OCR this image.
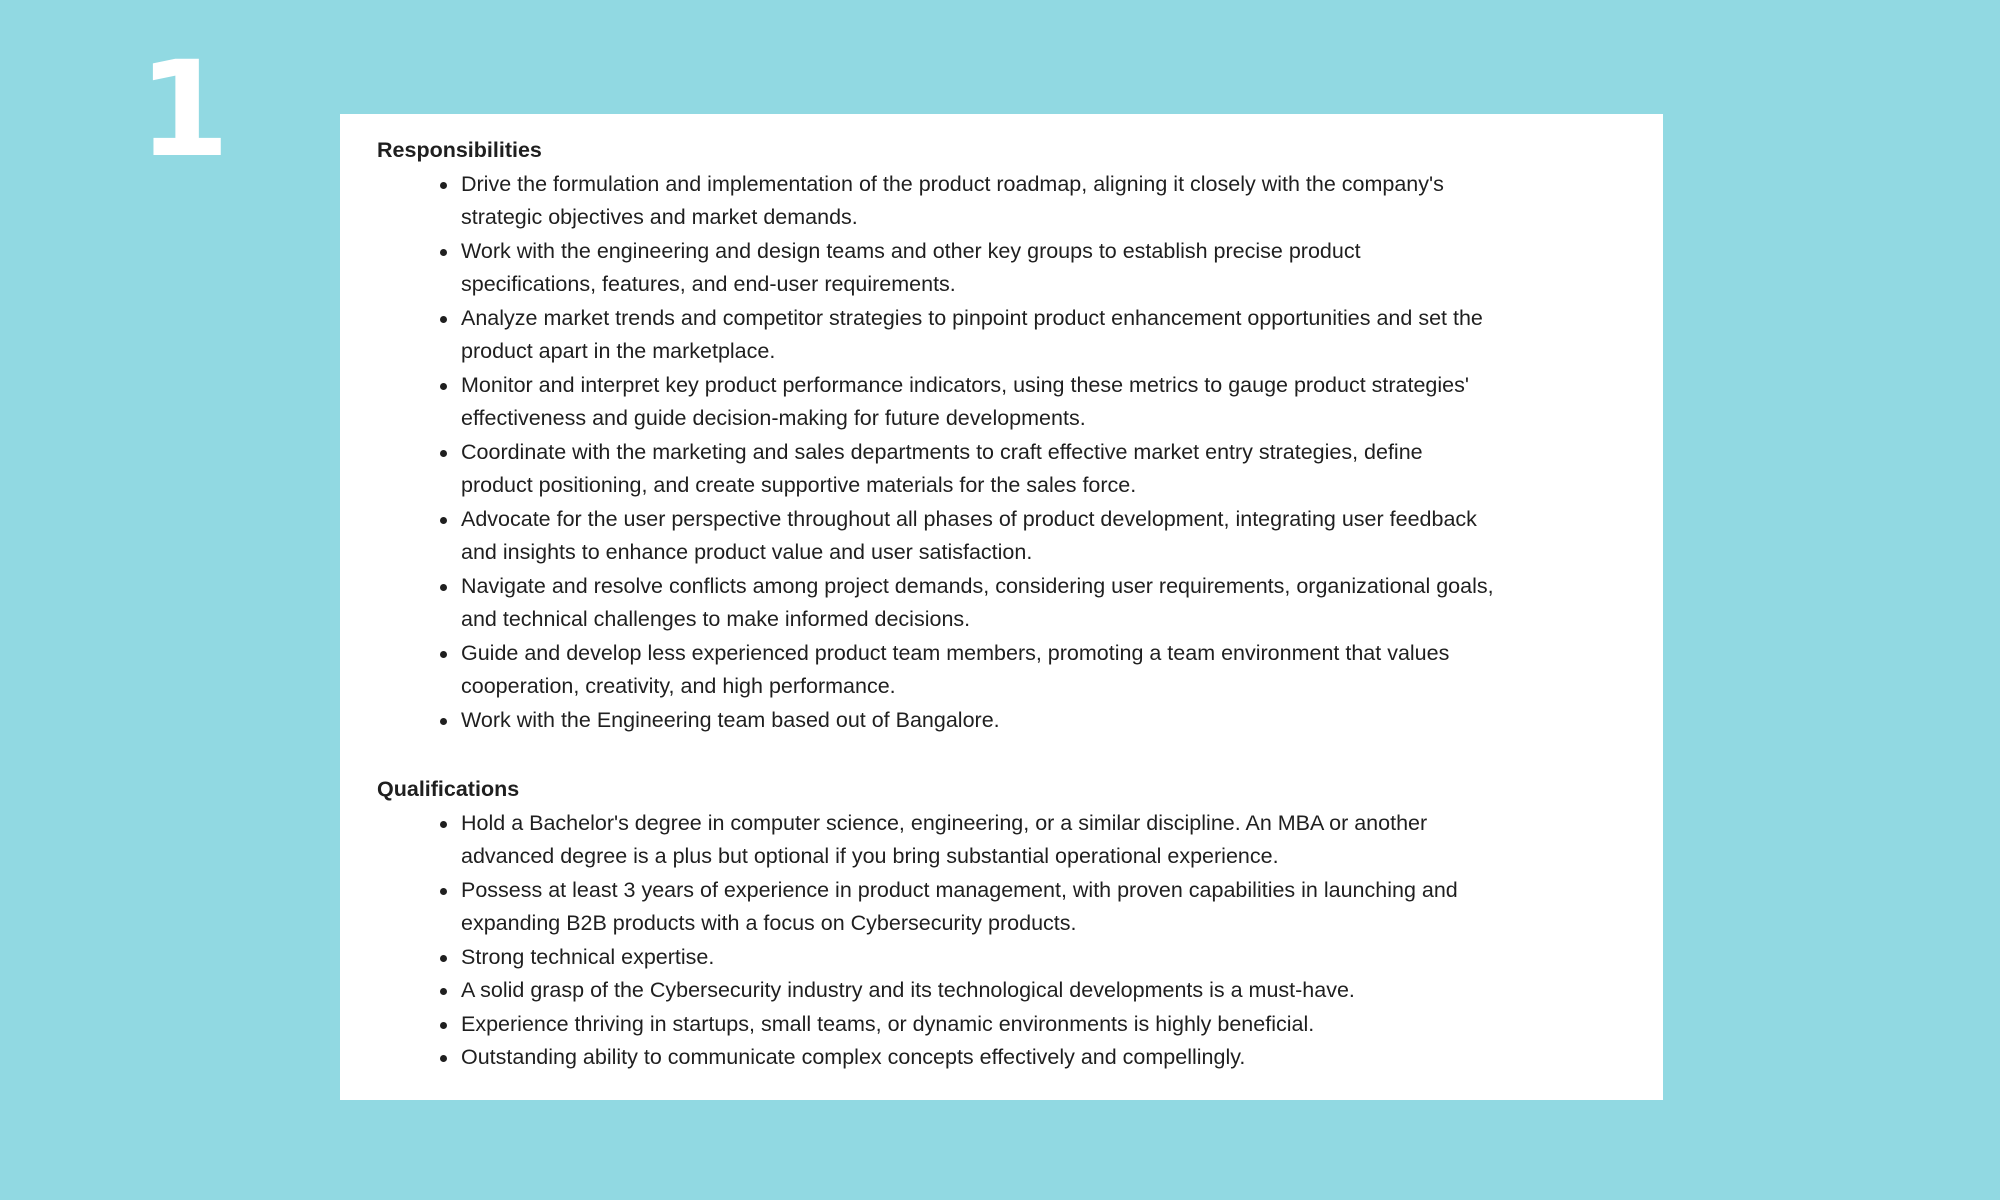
1	Responsibilities
Drive the formulation and implementation of the product roadmap, aligning it closely with the company's
strategic objectives and market demands.
Work with the engineering and design teams and other key groups to establish precise product
specifications, features, and end-user requirements.
Analyze market trends and competitor strategies to pinpoint product enhancement opportunities and set the
product apart in the marketplace.
Monitor and interpret key product performance indicators, using these metrics to gauge product strategies'
effectiveness and guide decision-making for future developments.
Coordinate with the marketing and sales departments to craft effective market entry strategies, define
product positioning, and create supportive materials for the sales force.
Advocate for the user perspective throughout all phases of product development, integrating user feedback
and insights to enhance product value and user satisfaction.
Navigate and resolve conflicts among project demands, considering user requirements, organizational goals,
and technical challenges to make informed decisions.
Guide and develop less experienced product team members, promoting a team environment that values
cooperation, creativity, and high performance.
Work with the Engineering team based out of Bangalore.
Qualifications
Hold a Bachelor's degree in computer science, engineering, or a similar discipline. An MBA or another
advanced degree is a plus but optional if you bring substantial operational experience.
Possess at least 3 years of experience in product management, with proven capabilities in launching and
expanding B2B products with a focus on Cybersecurity products.
Strong technical expertise.
A solid grasp of the Cybersecurity industry and its technological developments is a must-have.
Experience thriving in startups, small teams, or dynamic environments is highly beneficial.
Outstanding ability to communicate complex concepts effectively and compellingly.
